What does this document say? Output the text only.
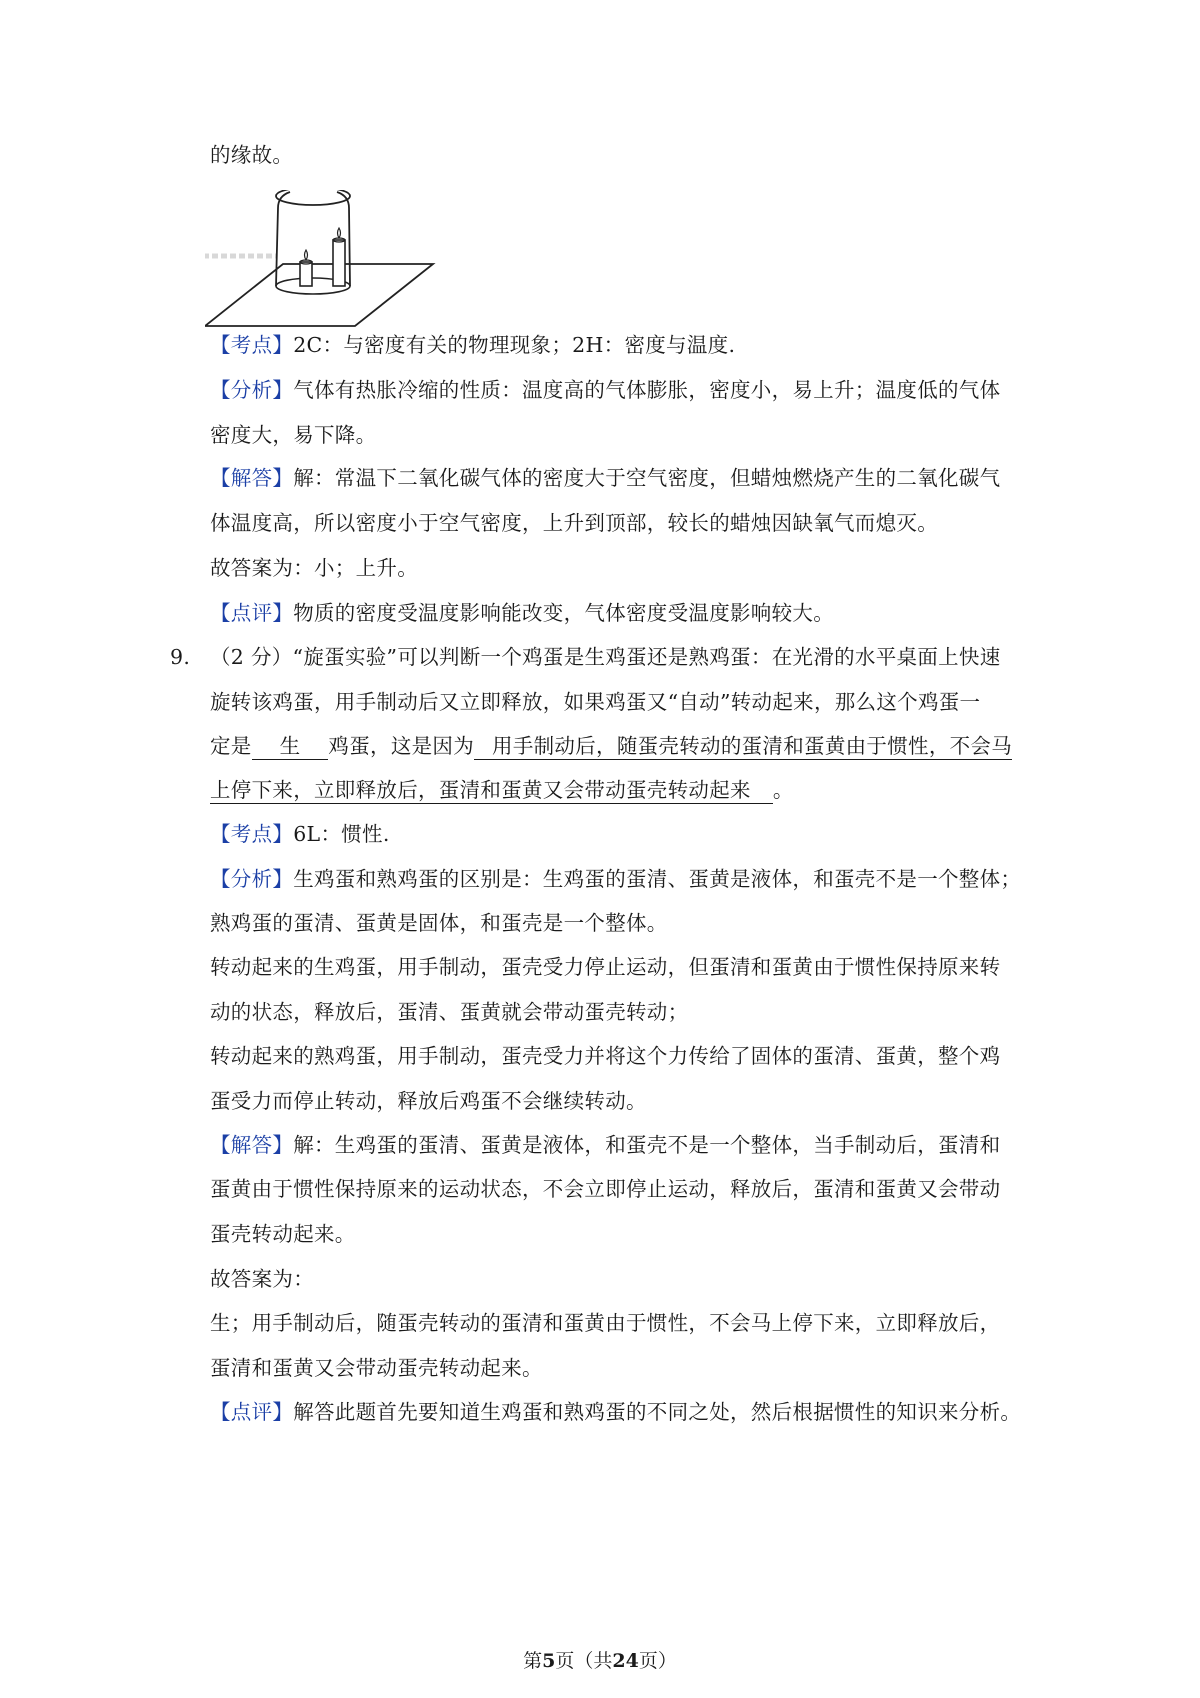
的缘故。
【考点】2C：与密度有关的物理现象；2H：密度与温度.
【分析】气体有热胀冷缩的性质：温度高的气体膨胀，密度小，易上升；温度低的气体
密度大，易下降。
【解答】解：常温下二氧化碳气体的密度大于空气密度，但蜡烛燃烧产生的二氧化碳气
体温度高，所以密度小于空气密度，上升到顶部，较长的蜡烛因缺氧气而熄灭。
故答案为：小；上升。
【点评】物质的密度受温度影响能改变，气体密度受温度影响较大。
9. （2 分）“旋蛋实验”可以判断一个鸡蛋是生鸡蛋还是熟鸡蛋：在光滑的水平桌面上快速
旋转该鸡蛋，用手制动后又立即释放，如果鸡蛋又“自动”转动起来，那么这个鸡蛋一
定是 生 鸡蛋，这是因为 用手制动后，随蛋壳转动的蛋清和蛋黄由于惯性，不会马
上停下来，立即释放后，蛋清和蛋黄又会带动蛋壳转动起来 。
【考点】6L：惯性.
【分析】生鸡蛋和熟鸡蛋的区别是：生鸡蛋的蛋清、蛋黄是液体，和蛋壳不是一个整体；
熟鸡蛋的蛋清、蛋黄是固体，和蛋壳是一个整体。
转动起来的生鸡蛋，用手制动，蛋壳受力停止运动，但蛋清和蛋黄由于惯性保持原来转
动的状态，释放后，蛋清、蛋黄就会带动蛋壳转动；
转动起来的熟鸡蛋，用手制动，蛋壳受力并将这个力传给了固体的蛋清、蛋黄，整个鸡
蛋受力而停止转动，释放后鸡蛋不会继续转动。
【解答】解：生鸡蛋的蛋清、蛋黄是液体，和蛋壳不是一个整体，当手制动后，蛋清和
蛋黄由于惯性保持原来的运动状态，不会立即停止运动，释放后，蛋清和蛋黄又会带动
蛋壳转动起来。
故答案为：
生；用手制动后，随蛋壳转动的蛋清和蛋黄由于惯性，不会马上停下来，立即释放后，
蛋清和蛋黄又会带动蛋壳转动起来。
【点评】解答此题首先要知道生鸡蛋和熟鸡蛋的不同之处，然后根据惯性的知识来分析。
第5页（共24页）
